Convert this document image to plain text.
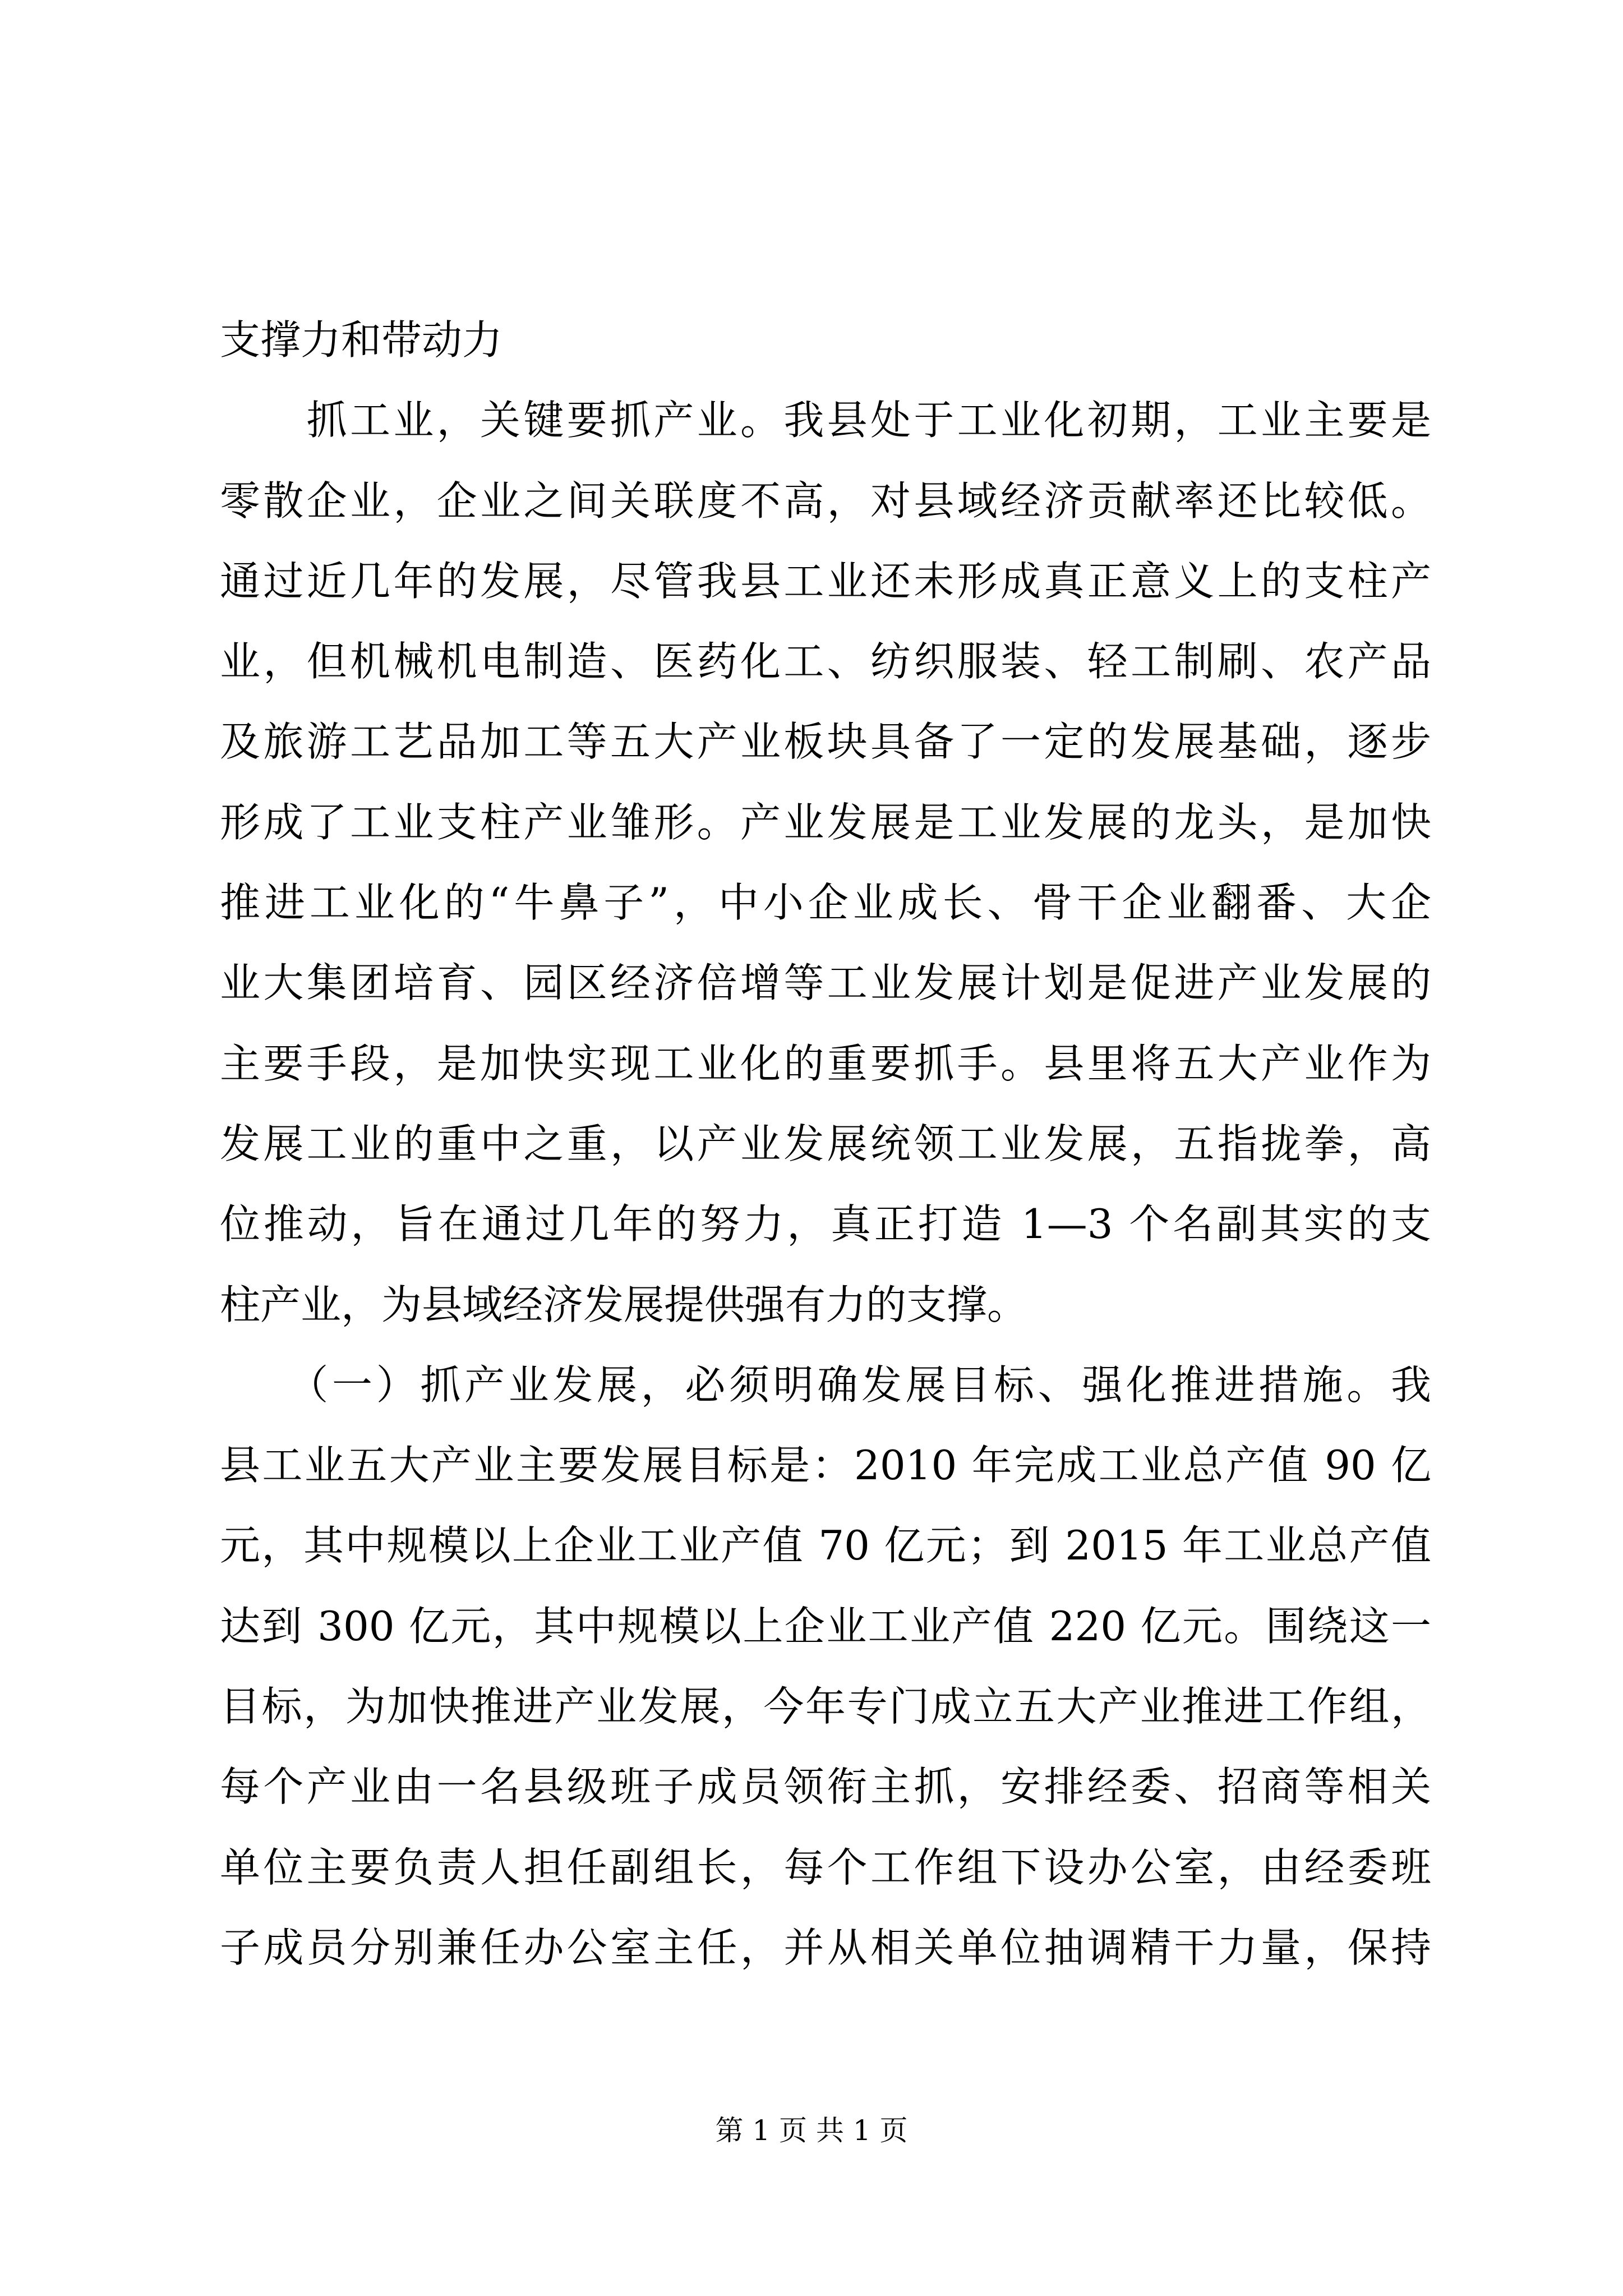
支撑力和带动力
　　抓工业，关键要抓产业。我县处于工业化初期，工业主要是
零散企业，企业之间关联度不高，对县域经济贡献率还比较低。
通过近几年的发展，尽管我县工业还未形成真正意义上的支柱产
业，但机械机电制造、医药化工、纺织服装、轻工制刷、农产品
及旅游工艺品加工等五大产业板块具备了一定的发展基础，逐步
形成了工业支柱产业雏形。产业发展是工业发展的龙头，是加快
推进工业化的“牛鼻子”，中小企业成长、骨干企业翻番、大企
业大集团培育、园区经济倍增等工业发展计划是促进产业发展的
主要手段，是加快实现工业化的重要抓手。县里将五大产业作为
发展工业的重中之重，以产业发展统领工业发展，五指拢拳，高
位推动，旨在通过几年的努力，真正打造 1—3 个名副其实的支
柱产业，为县域经济发展提供强有力的支撑。
　　（一）抓产业发展，必须明确发展目标、强化推进措施。我
县工业五大产业主要发展目标是：2010 年完成工业总产值 90 亿
元，其中规模以上企业工业产值 70 亿元；到 2015 年工业总产值
达到 300 亿元，其中规模以上企业工业产值 220 亿元。围绕这一
目标，为加快推进产业发展，今年专门成立五大产业推进工作组，
每个产业由一名县级班子成员领衔主抓，安排经委、招商等相关
单位主要负责人担任副组长，每个工作组下设办公室，由经委班
子成员分别兼任办公室主任，并从相关单位抽调精干力量，保持
第 1 页 共 1 页
